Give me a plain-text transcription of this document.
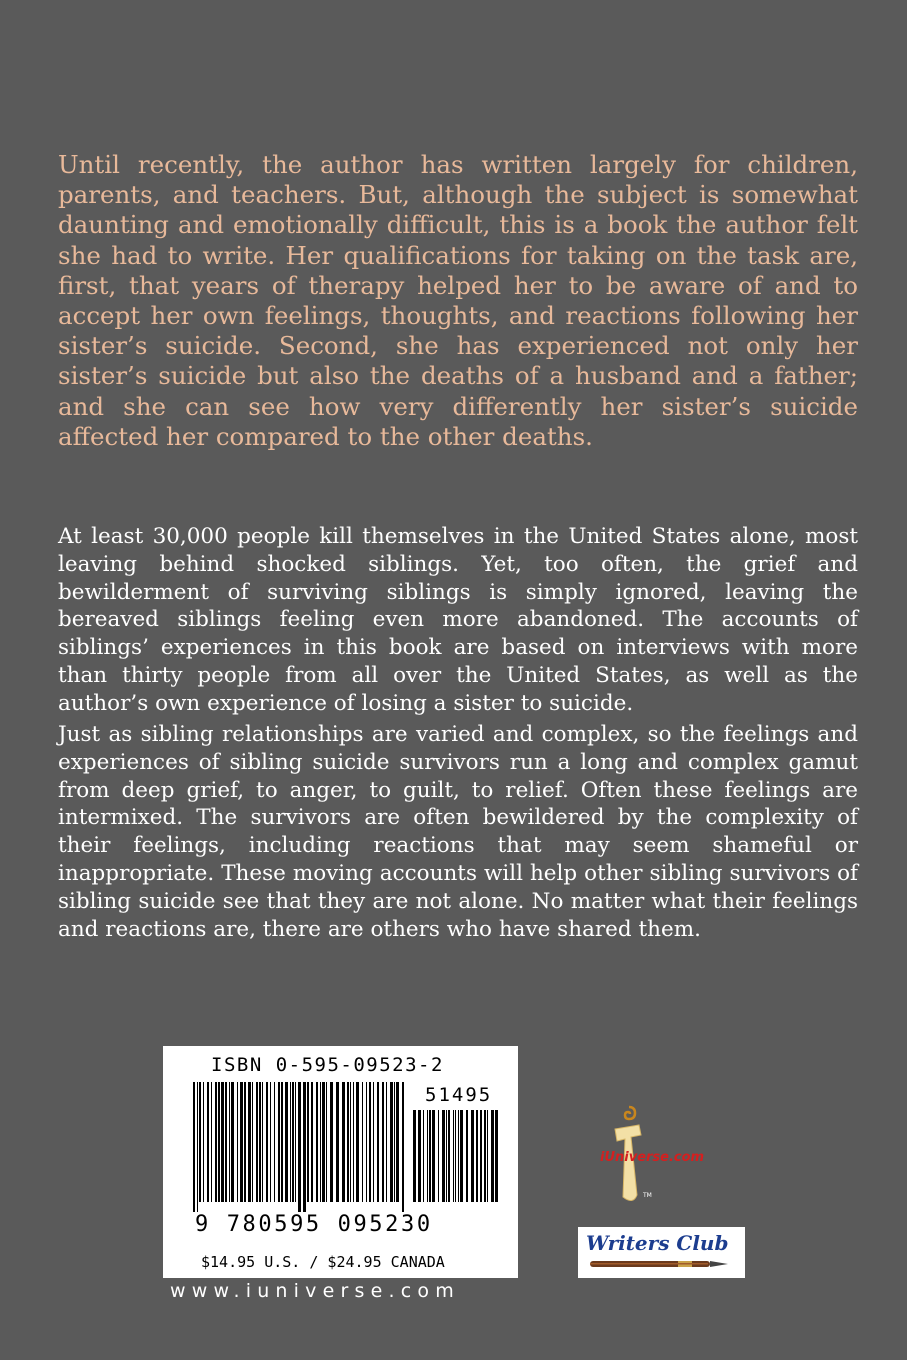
Until recently, the author has written largely for children, parents, and teachers. But, although the subject is somewhat daunting and emotionally difficult, this is a book the author felt she had to write. Her qualifications for taking on the task are, first, that years of therapy helped her to be aware of and to accept her own feelings, thoughts, and reactions following her sister’s suicide. Second, she has experienced not only her sister’s suicide but also the deaths of a husband and a father; and she can see how very differently her sister’s suicide affected her compared to the other deaths.

At least 30,000 people kill themselves in the United States alone, most leaving behind shocked siblings. Yet, too often, the grief and bewilderment of surviving siblings is simply ignored, leaving the bereaved siblings feeling even more abandoned. The accounts of siblings’ experiences in this book are based on interviews with more than thirty people from all over the United States, as well as the author’s own experience of losing a sister to suicide.

Just as sibling relationships are varied and complex, so the feelings and experiences of sibling suicide survivors run a long and complex gamut from deep grief, to anger, to guilt, to relief. Often these feelings are intermixed. The survivors are often bewildered by the complexity of their feelings, including reactions that may seem shameful or inappropriate. These moving accounts will help other sibling survivors of sibling suicide see that they are not alone. No matter what their feelings and reactions are, there are others who have shared them.

ISBN 0-595-09523-2
51495
9 780595 095230
$14.95 U.S. / $24.95 CANADA
www.iuniverse.com
TM
iUniverse.com
Writers Club
